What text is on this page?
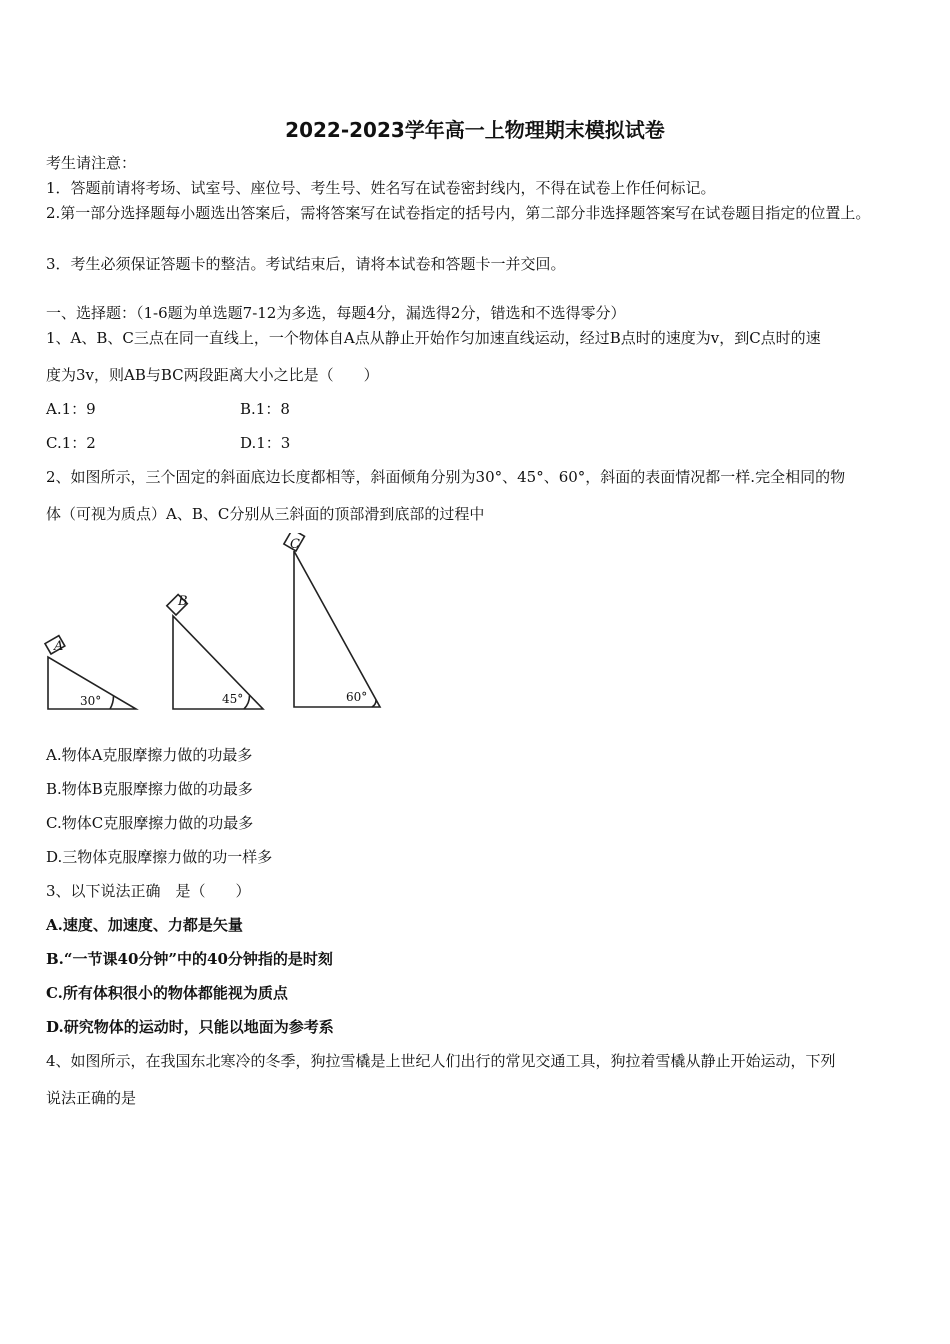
2022-2023学年高一上物理期末模拟试卷
考生请注意：
1．答题前请将考场、试室号、座位号、考生号、姓名写在试卷密封线内，不得在试卷上作任何标记。
2.第一部分选择题每小题选出答案后，需将答案写在试卷指定的括号内，第二部分非选择题答案写在试卷题目指定的位置上。
3．考生必须保证答题卡的整洁。考试结束后，请将本试卷和答题卡一并交回。
一、选择题：（1-6题为单选题7-12为多选，每题4分，漏选得2分，错选和不选得零分）
1、A、B、C三点在同一直线上，一个物体自A点从静止开始作匀加速直线运动，经过B点时的速度为v，到C点时的速
度为3v，则AB与BC两段距离大小之比是（　　）
A.1：9	B.1：8
C.1：2	D.1：3
2、如图所示，三个固定的斜面底边长度都相等，斜面倾角分别为30°、45°、60°，斜面的表面情况都一样.完全相同的物
体（可视为质点）A、B、C分别从三斜面的顶部滑到底部的过程中
A
B
C
30°	45°	60°
A.物体A克服摩擦力做的功最多
B.物体B克服摩擦力做的功最多
C.物体C克服摩擦力做的功最多
D.三物体克服摩擦力做的功一样多
3、以下说法正确　是（　　）
A.速度、加速度、力都是矢量
B.“一节课40分钟”中的40分钟指的是时刻
C.所有体积很小的物体都能视为质点
D.研究物体的运动时，只能以地面为参考系
4、如图所示，在我国东北寒冷的冬季，狗拉雪橇是上世纪人们出行的常见交通工具，狗拉着雪橇从静止开始运动，下列
说法正确的是
